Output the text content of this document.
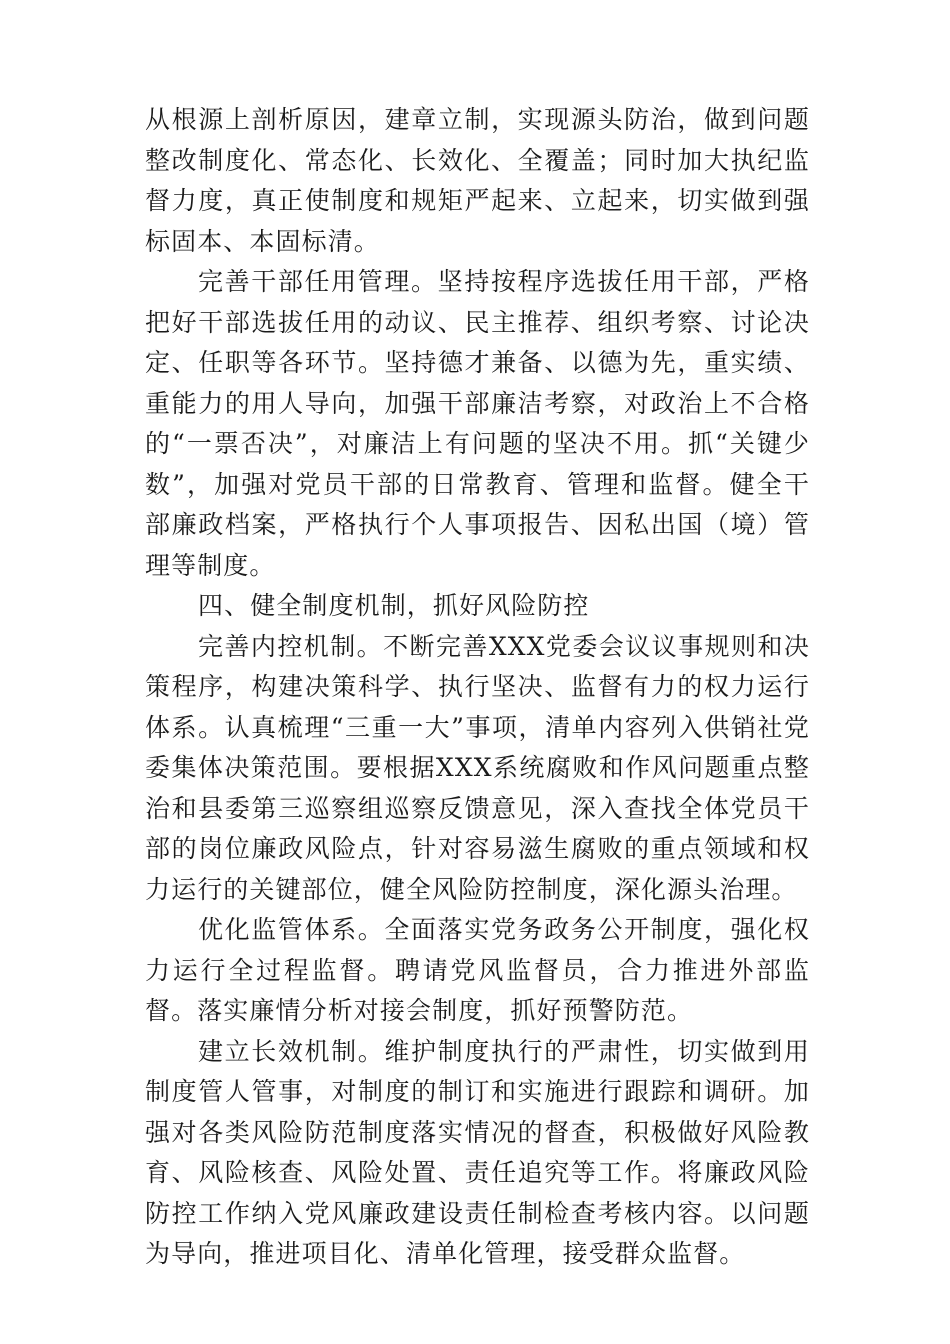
从根源上剖析原因，建章立制，实现源头防治，做到问题整改制度化、常态化、长效化、全覆盖；同时加大执纪监督力度，真正使制度和规矩严起来、立起来，切实做到强标固本、本固标清。

完善干部任用管理。坚持按程序选拔任用干部，严格把好干部选拔任用的动议、民主推荐、组织考察、讨论决定、任职等各环节。坚持德才兼备、以德为先，重实绩、重能力的用人导向，加强干部廉洁考察，对政治上不合格的“一票否决”，对廉洁上有问题的坚决不用。抓“关键少数”，加强对党员干部的日常教育、管理和监督。健全干部廉政档案，严格执行个人事项报告、因私出国（境）管理等制度。

四、健全制度机制，抓好风险防控

完善内控机制。不断完善XXX党委会议议事规则和决策程序，构建决策科学、执行坚决、监督有力的权力运行体系。认真梳理“三重一大”事项，清单内容列入供销社党委集体决策范围。要根据XXX系统腐败和作风问题重点整治和县委第三巡察组巡察反馈意见，深入查找全体党员干部的岗位廉政风险点，针对容易滋生腐败的重点领域和权力运行的关键部位，健全风险防控制度，深化源头治理。

优化监管体系。全面落实党务政务公开制度，强化权力运行全过程监督。聘请党风监督员，合力推进外部监督。落实廉情分析对接会制度，抓好预警防范。

建立长效机制。维护制度执行的严肃性，切实做到用制度管人管事，对制度的制订和实施进行跟踪和调研。加强对各类风险防范制度落实情况的督查，积极做好风险教育、风险核查、风险处置、责任追究等工作。将廉政风险防控工作纳入党风廉政建设责任制检查考核内容。以问题为导向，推进项目化、清单化管理，接受群众监督。
